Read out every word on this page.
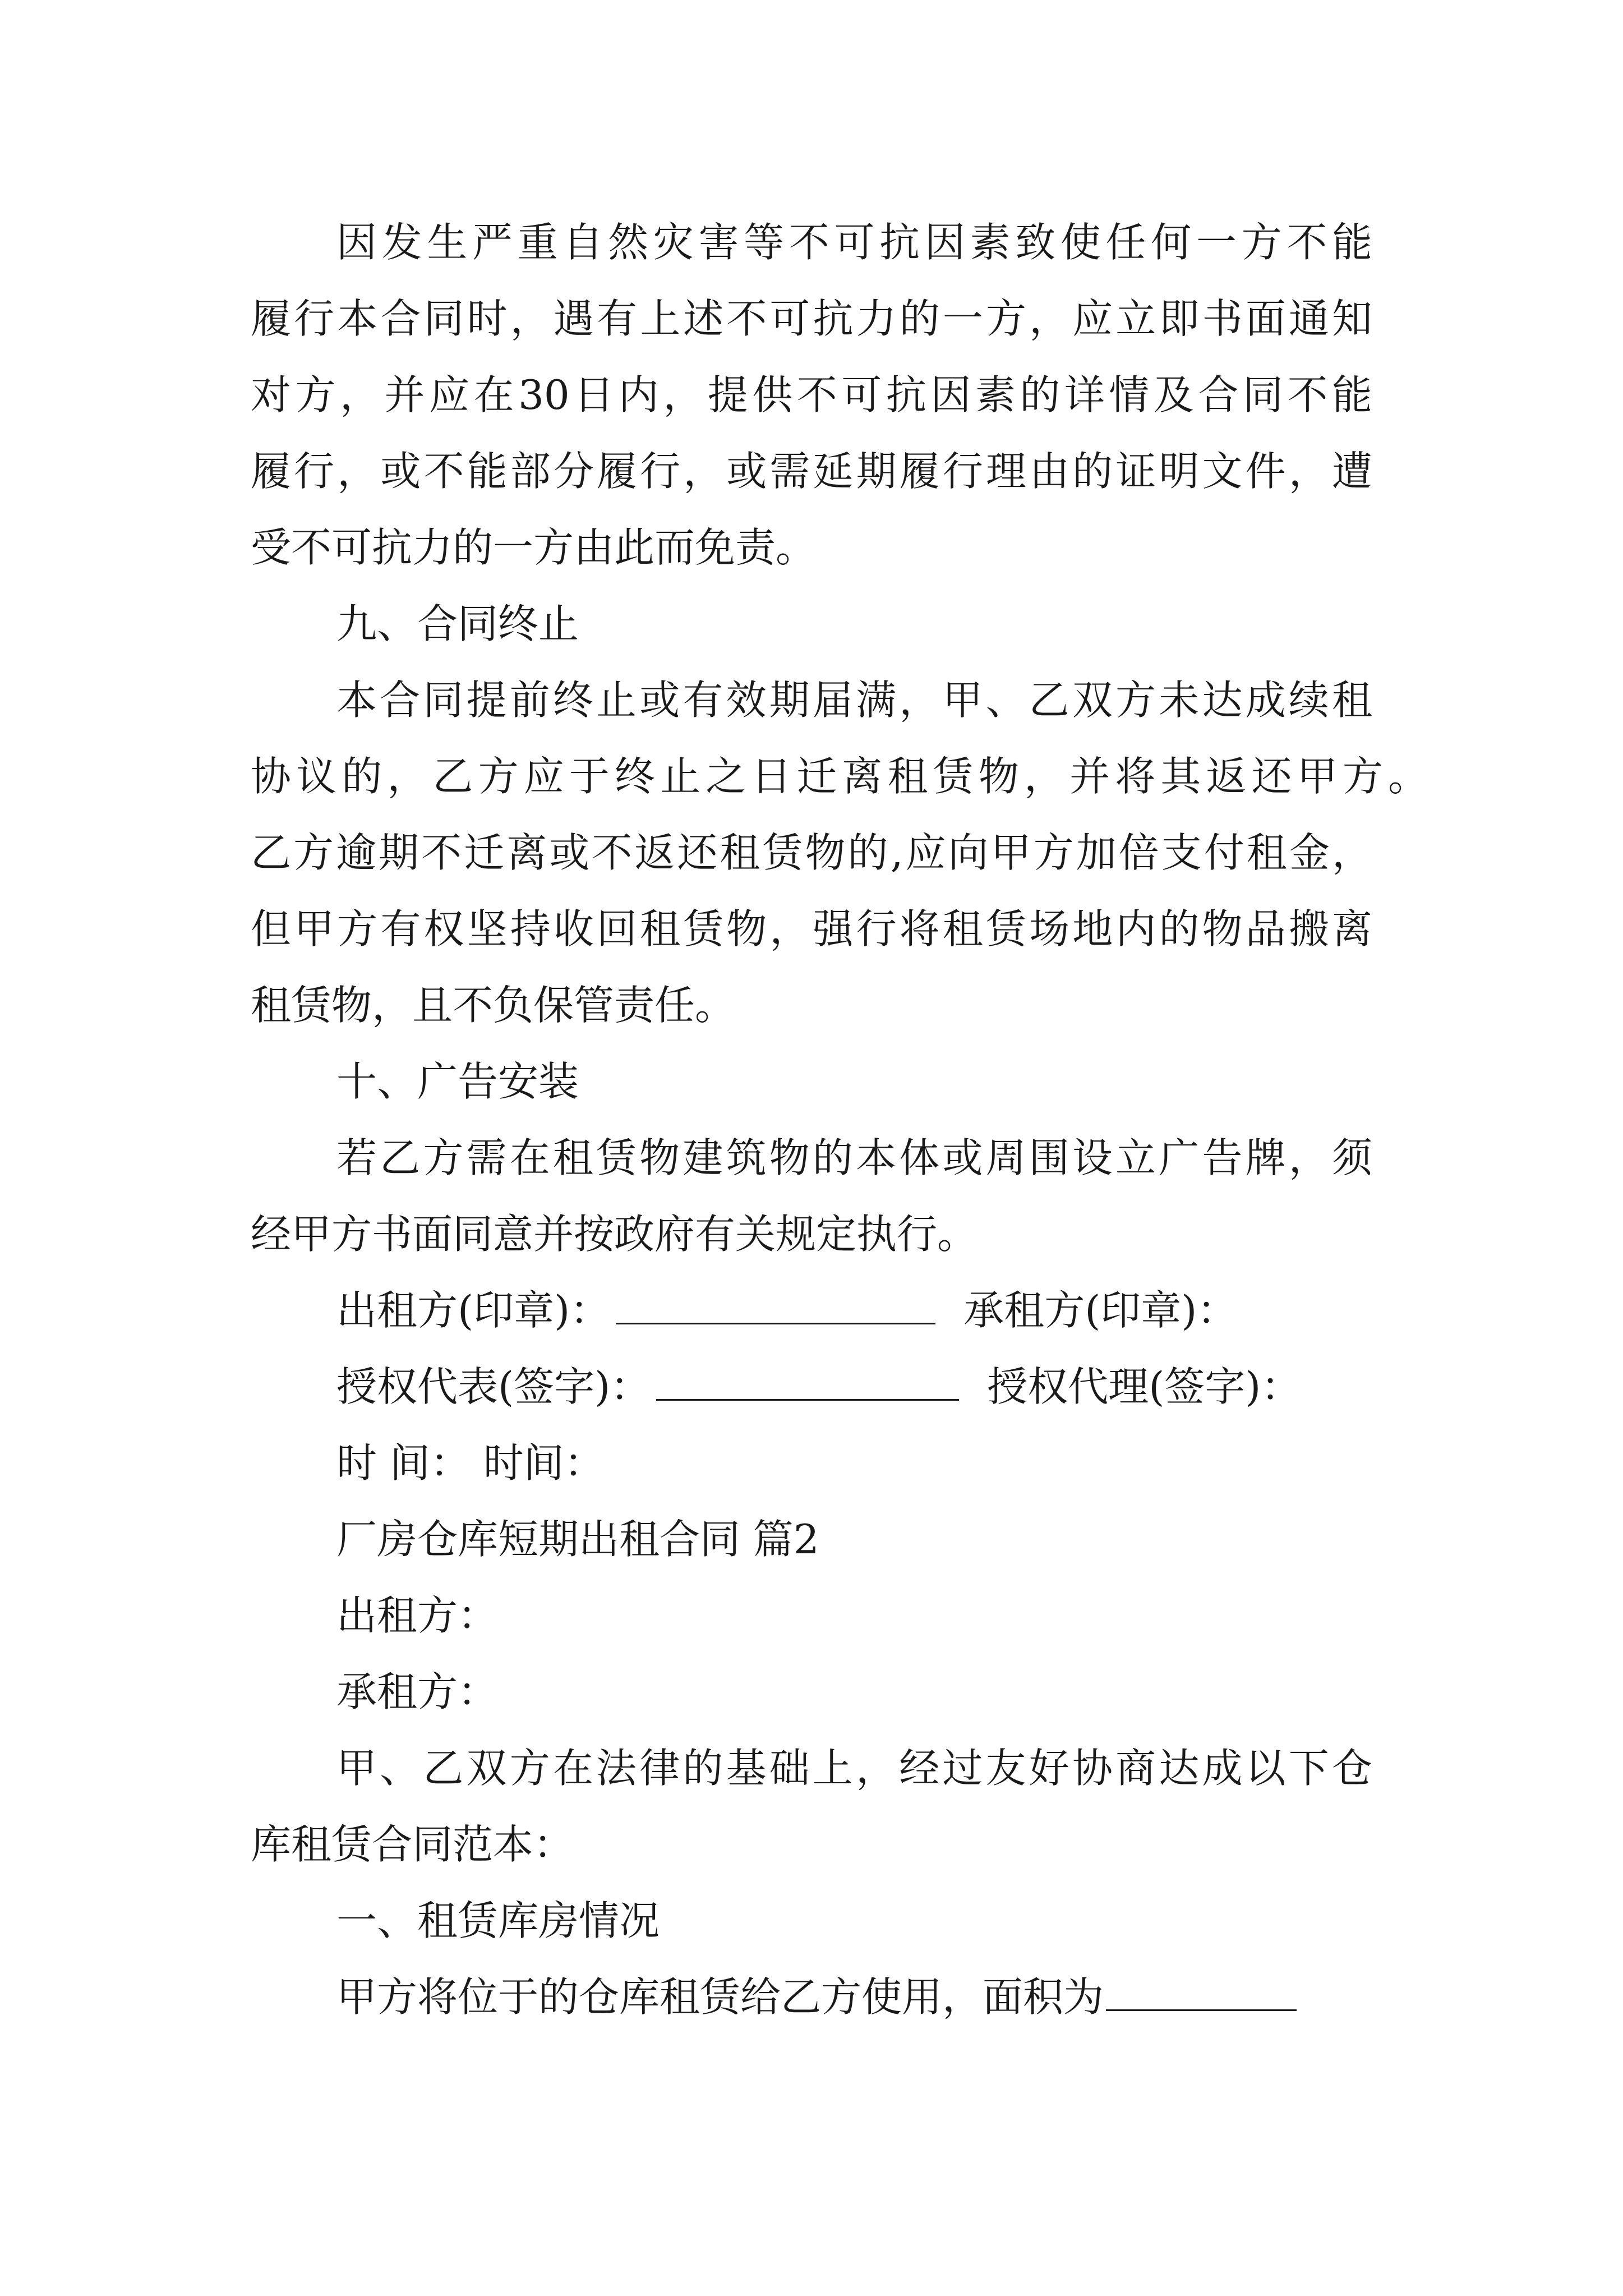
因发生严重自然灾害等不可抗因素致使任何一方不能
履行本合同时，遇有上述不可抗力的一方，应立即书面通知
对方，并应在30日内，提供不可抗因素的详情及合同不能
履行，或不能部分履行，或需延期履行理由的证明文件，遭
受不可抗力的一方由此而免责。
九、合同终止
本合同提前终止或有效期届满，甲、乙双方未达成续租
协议的，乙方应于终止之日迁离租赁物，并将其返还甲方。
乙方逾期不迁离或不返还租赁物的,应向甲方加倍支付租金，
但甲方有权坚持收回租赁物，强行将租赁场地内的物品搬离
租赁物，且不负保管责任。
十、广告安装
若乙方需在租赁物建筑物的本体或周围设立广告牌，须
经甲方书面同意并按政府有关规定执行。
出租方(印章)：	承租方(印章)：
授权代表(签字)：	授权代理(签字)：
时 间： 时间：
厂房仓库短期出租合同 篇2
出租方：
承租方：
甲、乙双方在法律的基础上，经过友好协商达成以下仓
库租赁合同范本：
一、租赁库房情况
甲方将位于的仓库租赁给乙方使用，面积为
